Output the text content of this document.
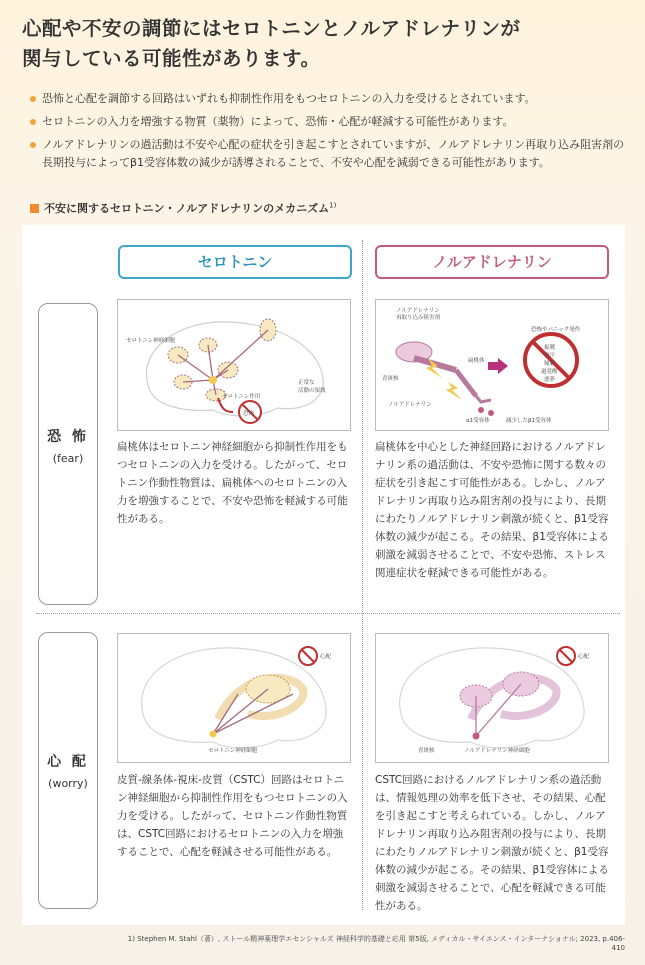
心配や不安の調節にはセロトニンとノルアドレナリンが
関与している可能性があります。
恐怖と心配を調節する回路はいずれも抑制性作用をもつセロトニンの入力を受けるとされています。
セロトニンの入力を増強する物質（薬物）によって、恐怖・心配が軽減する可能性があります。
ノルアドレナリンの過活動は不安や心配の症状を引き起こすとされていますが、ノルアドレナリン再取り込み阻害剤の長期投与によってβ1受容体数の減少が誘導されることで、不安や心配を減弱できる可能性があります。
不安に関するセロトニン・ノルアドレナリンのメカニズム$^{1)}$
セロトニン	ノルアドレナリン
恐 怖
(fear)
心 配
(worry)
セロトニン神経細胞
正常な
活動の領域
セロトニン作用
恐怖
ノルアドレナリン
再取り込み阻害剤
青斑核
扁桃体
ノルアドレナリン
α1受容体	減少したβ1受容体
恐怖やパニック発作
振戦
発汗
頻脈
過覚醒
悪夢
セロトニン神経細胞
心配
青斑核	ノルアドレナリン神経細胞
心配

扁桃体はセロトニン神経細胞から抑制性作用をもつセロトニンの入力を受ける。したがって、セロトニン作動性物質は、扁桃体へのセロトニンの入力を増強することで、不安や恐怖を軽減する可能性がある。

扁桃体を中心とした神経回路におけるノルアドレナリン系の過活動は、不安や恐怖に関する数々の症状を引き起こす可能性がある。しかし、ノルアドレナリン再取り込み阻害剤の投与により、長期にわたりノルアドレナリン刺激が続くと、β1受容体数の減少が起こる。その結果、β1受容体による刺激を減弱させることで、不安や恐怖、ストレス関連症状を軽減できる可能性がある。

皮質‐線条体‐視床‐皮質（CSTC）回路はセロトニン神経細胞から抑制性作用をもつセロトニンの入力を受ける。したがって、セロトニン作動性物質は、CSTC回路におけるセロトニンの入力を増強することで、心配を軽減させる可能性がある。

CSTC回路におけるノルアドレナリン系の過活動は、情報処理の効率を低下させ、その結果、心配を引き起こすと考えられている。しかし、ノルアドレナリン再取り込み阻害剤の投与により、長期にわたりノルアドレナリン刺激が続くと、β1受容体数の減少が起こる。その結果、β1受容体による刺激を減弱させることで、心配を軽減できる可能性がある。

1) Stephen M. Stahl（著）, ストール精神薬理学エセンシャルズ 神経科学的基礎と応用 第5版, メディカル・サイエンス・インターナショナル; 2023, p.406-410
